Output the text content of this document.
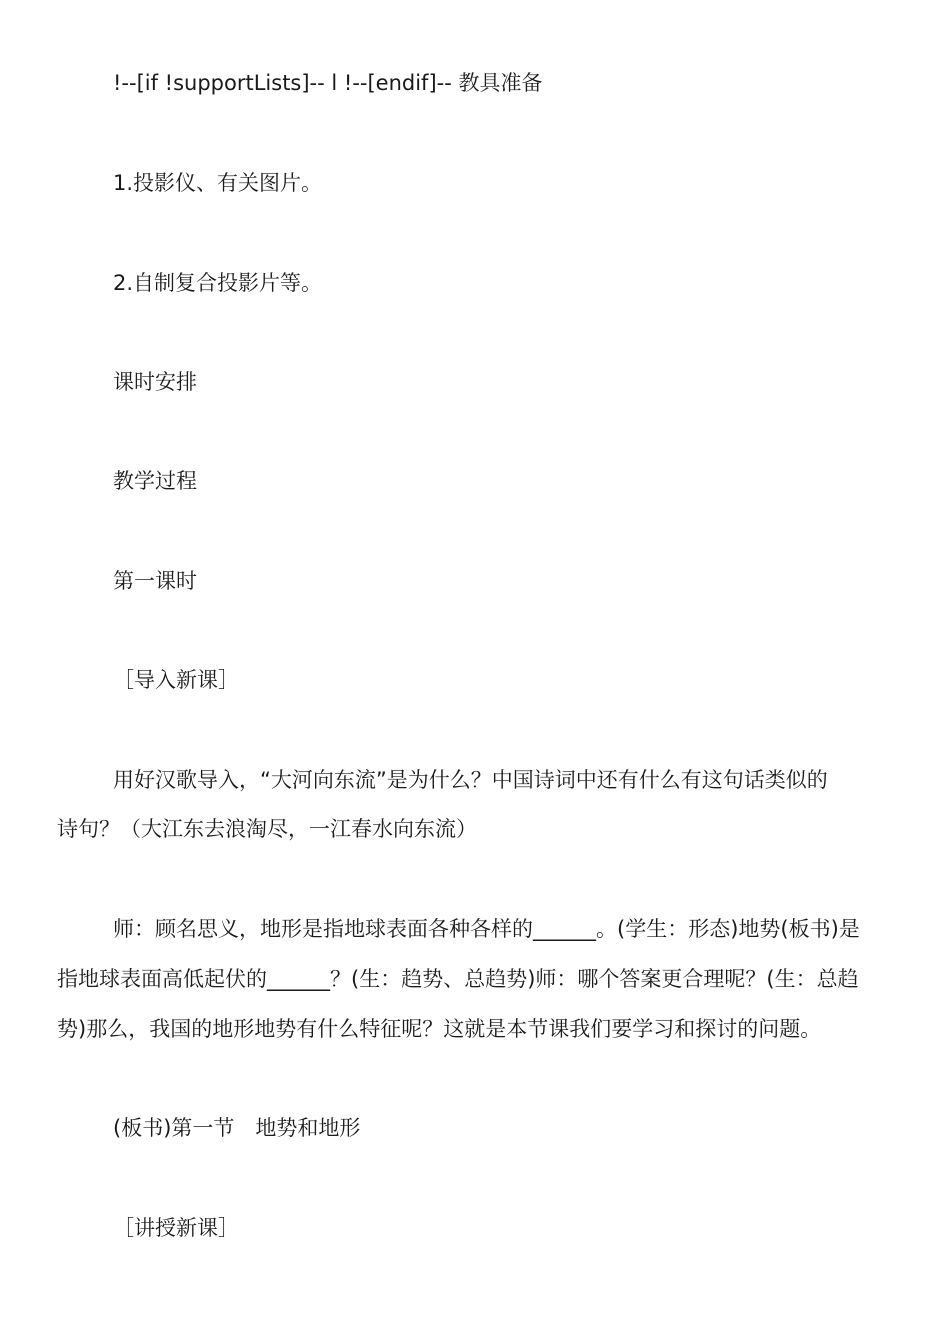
!--[if !supportLists]-- l !--[endif]-- 教具准备
1.投影仪、有关图片。
2.自制复合投影片等。
课时安排
教学过程
第一课时
［导入新课］
用好汉歌导入，“大河向东流”是为什么？中国诗词中还有什么有这句话类似的
诗句？（大江东去浪淘尽，一江春水向东流）
师：顾名思义，地形是指地球表面各种各样的______。(学生：形态)地势(板书)是
指地球表面高低起伏的______？(生：趋势、总趋势)师：哪个答案更合理呢？(生：总趋
势)那么，我国的地形地势有什么特征呢？这就是本节课我们要学习和探讨的问题。
(板书)第一节　地势和地形
［讲授新课］
